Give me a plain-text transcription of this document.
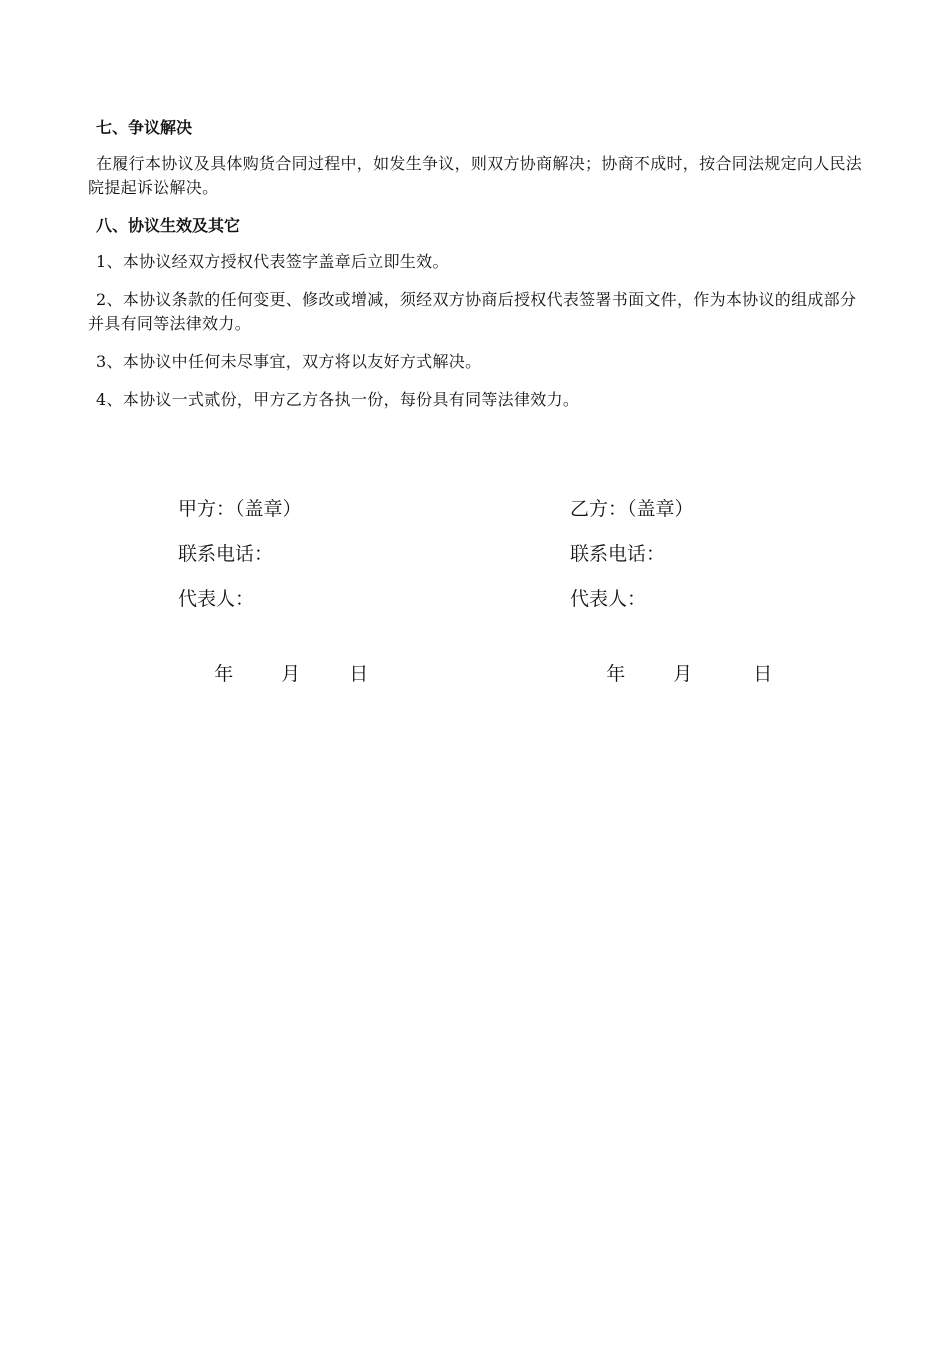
七、争议解决

在履行本协议及具体购货合同过程中，如发生争议，则双方协商解决；协商不成时，按合同法规定向人民法院提起诉讼解决。

八、协议生效及其它

1、本协议经双方授权代表签字盖章后立即生效。

2、本协议条款的任何变更、修改或增减，须经双方协商后授权代表签署书面文件，作为本协议的组成部分并具有同等法律效力。

3、本协议中任何未尽事宜，双方将以友好方式解决。

4、本协议一式贰份，甲方乙方各执一份，每份具有同等法律效力。

甲方：（盖章）
联系电话：
代表人：

年	月	日

乙方：（盖章）
联系电话：
代表人：

年	月	日
